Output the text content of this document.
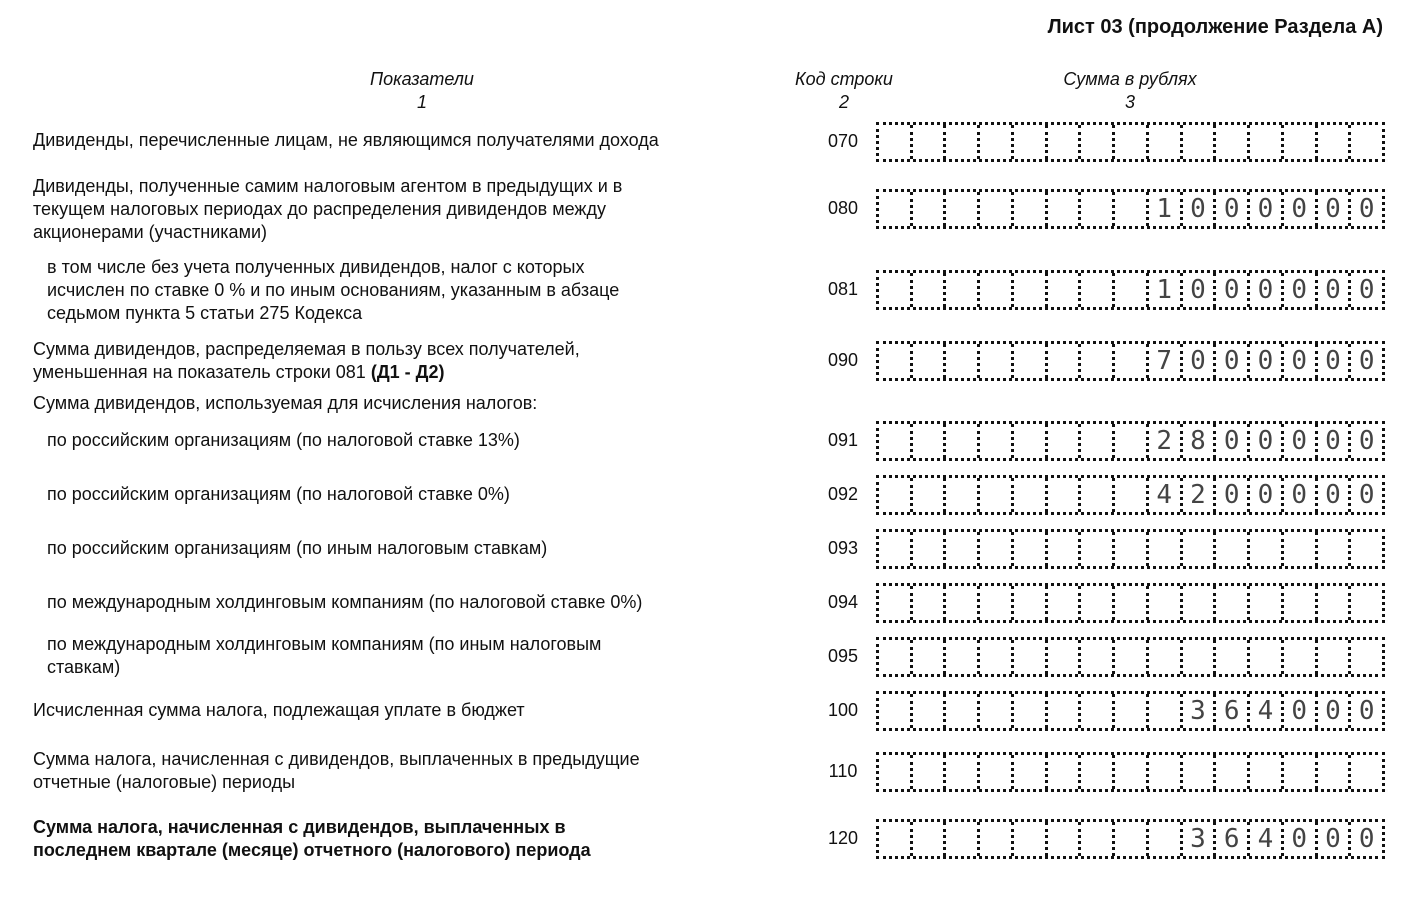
Лист 03 (продолжение Раздела А)
Показатели
1
Код строки
2
Сумма в рублях
3
Сумма дивидендов, используемая для исчисления налогов:
Дивиденды, перечисленные лицам, не являющимся получателями дохода	070
Дивиденды, полученные самим налоговым агентом в предыдущих и в
текущем налоговых периодах до распределения дивидендов между
акционерами (участниками)
080	1 0 0 0 0 0 0
в том числе без учета полученных дивидендов, налог с которых
исчислен по ставке 0 % и по иным основаниям, указанным в абзаце
седьмом пункта 5 статьи 275 Кодекса
081	1 0 0 0 0 0 0
Сумма дивидендов, распределяемая в пользу всех получателей,
уменьшенная на показатель строки 081 (Д1 - Д2)
090	7 0 0 0 0 0 0
по российским организациям (по налоговой ставке 13%)	091	2 8 0 0 0 0 0
по российским организациям (по налоговой ставке 0%)	092	4 2 0 0 0 0 0
по российским организациям (по иным налоговым ставкам)	093
по международным холдинговым компаниям (по налоговой ставке 0%)	094
по международным холдинговым компаниям (по иным налоговым
ставкам)
095
Исчисленная сумма налога, подлежащая уплате в бюджет	100	3 6 4 0 0 0
Сумма налога, начисленная с дивидендов, выплаченных в предыдущие
отчетные (налоговые) периоды
110
Сумма налога, начисленная с дивидендов, выплаченных в
последнем квартале (месяце) отчетного (налогового) периода
120	3 6 4 0 0 0
